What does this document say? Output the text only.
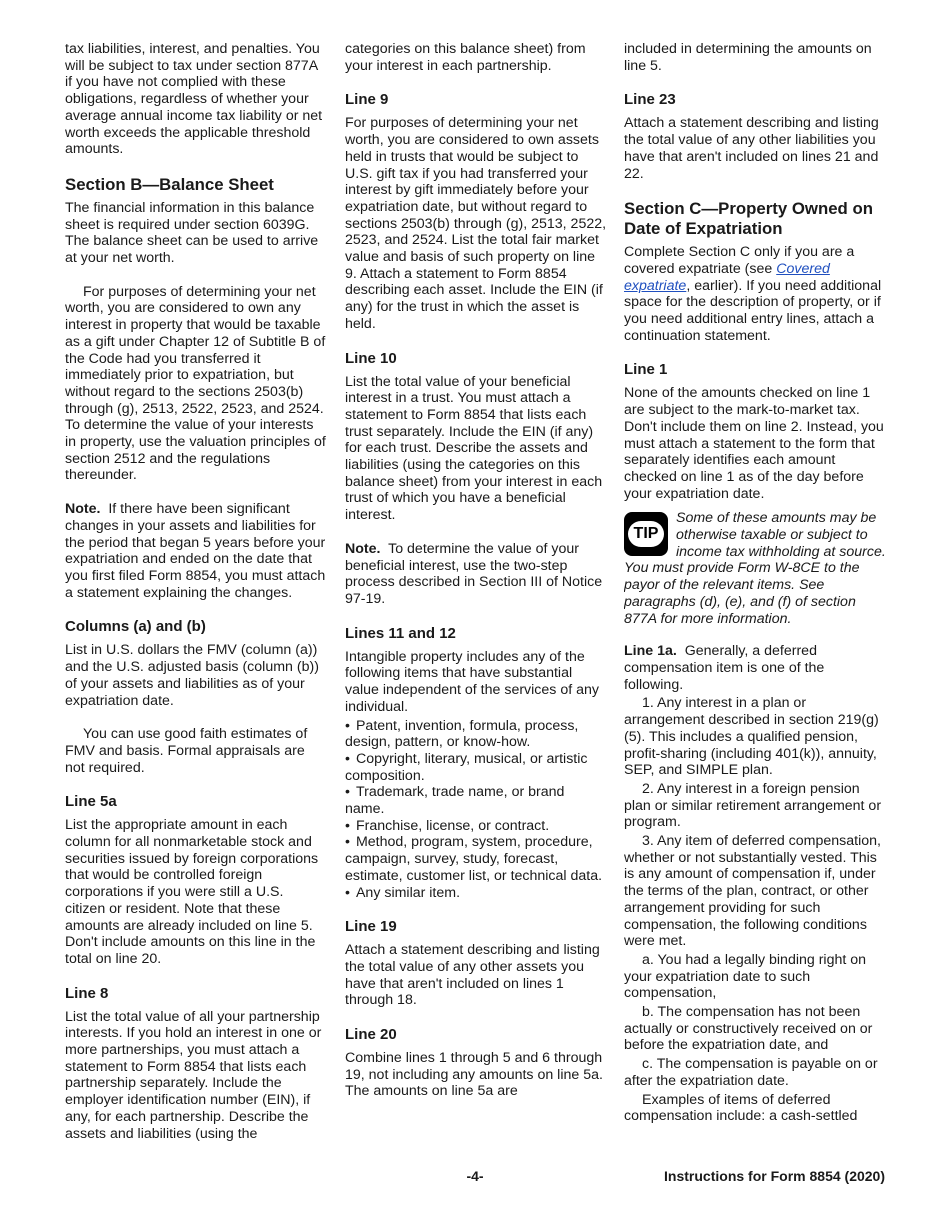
tax liabilities, interest, and penalties. You will be subject to tax under section 877A if you have not complied with these obligations, regardless of whether your average annual income tax liability or net worth exceeds the applicable threshold amounts.

Section B—Balance Sheet

The financial information in this balance sheet is required under section 6039G. The balance sheet can be used to arrive at your net worth.

For purposes of determining your net worth, you are considered to own any interest in property that would be taxable as a gift under Chapter 12 of Subtitle B of the Code had you transferred it immediately prior to expatriation, but without regard to the sections 2503(b) through (g), 2513, 2522, 2523, and 2524. To determine the value of your interests in property, use the valuation principles of section 2512 and the regulations thereunder.

Note. If there have been significant changes in your assets and liabilities for the period that began 5 years before your expatriation and ended on the date that you first filed Form 8854, you must attach a statement explaining the changes.

Columns (a) and (b)

List in U.S. dollars the FMV (column (a)) and the U.S. adjusted basis (column (b)) of your assets and liabilities as of your expatriation date.

You can use good faith estimates of FMV and basis. Formal appraisals are not required.

Line 5a

List the appropriate amount in each column for all nonmarketable stock and securities issued by foreign corporations that would be controlled foreign corporations if you were still a U.S. citizen or resident. Note that these amounts are already included on line 5. Don't include amounts on this line in the total on line 20.

Line 8

List the total value of all your partnership interests. If you hold an interest in one or more partnerships, you must attach a statement to Form 8854 that lists each partnership separately. Include the employer identification number (EIN), if any, for each partnership. Describe the assets and liabilities (using the

categories on this balance sheet) from your interest in each partnership.

Line 9

For purposes of determining your net worth, you are considered to own assets held in trusts that would be subject to U.S. gift tax if you had transferred your interest by gift immediately before your expatriation date, but without regard to sections 2503(b) through (g), 2513, 2522, 2523, and 2524. List the total fair market value and basis of such property on line 9. Attach a statement to Form 8854 describing each asset. Include the EIN (if any) for the trust in which the asset is held.

Line 10

List the total value of your beneficial interest in a trust. You must attach a statement to Form 8854 that lists each trust separately. Include the EIN (if any) for each trust. Describe the assets and liabilities (using the categories on this balance sheet) from your interest in each trust of which you have a beneficial interest.

Note. To determine the value of your beneficial interest, use the two-step process described in Section III of Notice 97-19.

Lines 11 and 12

Intangible property includes any of the following items that have substantial value independent of the services of any individual.

• Patent, invention, formula, process, design, pattern, or know-how.

• Copyright, literary, musical, or artistic composition.

• Trademark, trade name, or brand name.

• Franchise, license, or contract.

• Method, program, system, procedure, campaign, survey, study, forecast, estimate, customer list, or technical data.

• Any similar item.

Line 19

Attach a statement describing and listing the total value of any other assets you have that aren't included on lines 1 through 18.

Line 20

Combine lines 1 through 5 and 6 through 19, not including any amounts on line 5a. The amounts on line 5a are

included in determining the amounts on line 5.

Line 23

Attach a statement describing and listing the total value of any other liabilities you have that aren't included on lines 21 and 22.

Section C—Property Owned on Date of Expatriation

Complete Section C only if you are a covered expatriate (see Covered expatriate, earlier). If you need additional space for the description of property, or if you need additional entry lines, attach a continuation statement.

Line 1

None of the amounts checked on line 1 are subject to the mark-to-market tax. Don't include them on line 2. Instead, you must attach a statement to the form that separately identifies each amount checked on line 1 as of the day before your expatriation date.

TIP

Some of these amounts may be otherwise taxable or subject to income tax withholding at source. You must provide Form W-8CE to the payor of the relevant items. See paragraphs (d), (e), and (f) of section 877A for more information.

Line 1a. Generally, a deferred compensation item is one of the following.

1. Any interest in a plan or arrangement described in section 219(g)(5). This includes a qualified pension, profit-sharing (including 401(k)), annuity, SEP, and SIMPLE plan.

2. Any interest in a foreign pension plan or similar retirement arrangement or program.

3. Any item of deferred compensation, whether or not substantially vested. This is any amount of compensation if, under the terms of the plan, contract, or other arrangement providing for such compensation, the following conditions were met.

a. You had a legally binding right on your expatriation date to such compensation,

b. The compensation has not been actually or constructively received on or before the expatriation date, and

c. The compensation is payable on or after the expatriation date.

Examples of items of deferred compensation include: a cash-settled

-4-	Instructions for Form 8854 (2020)
